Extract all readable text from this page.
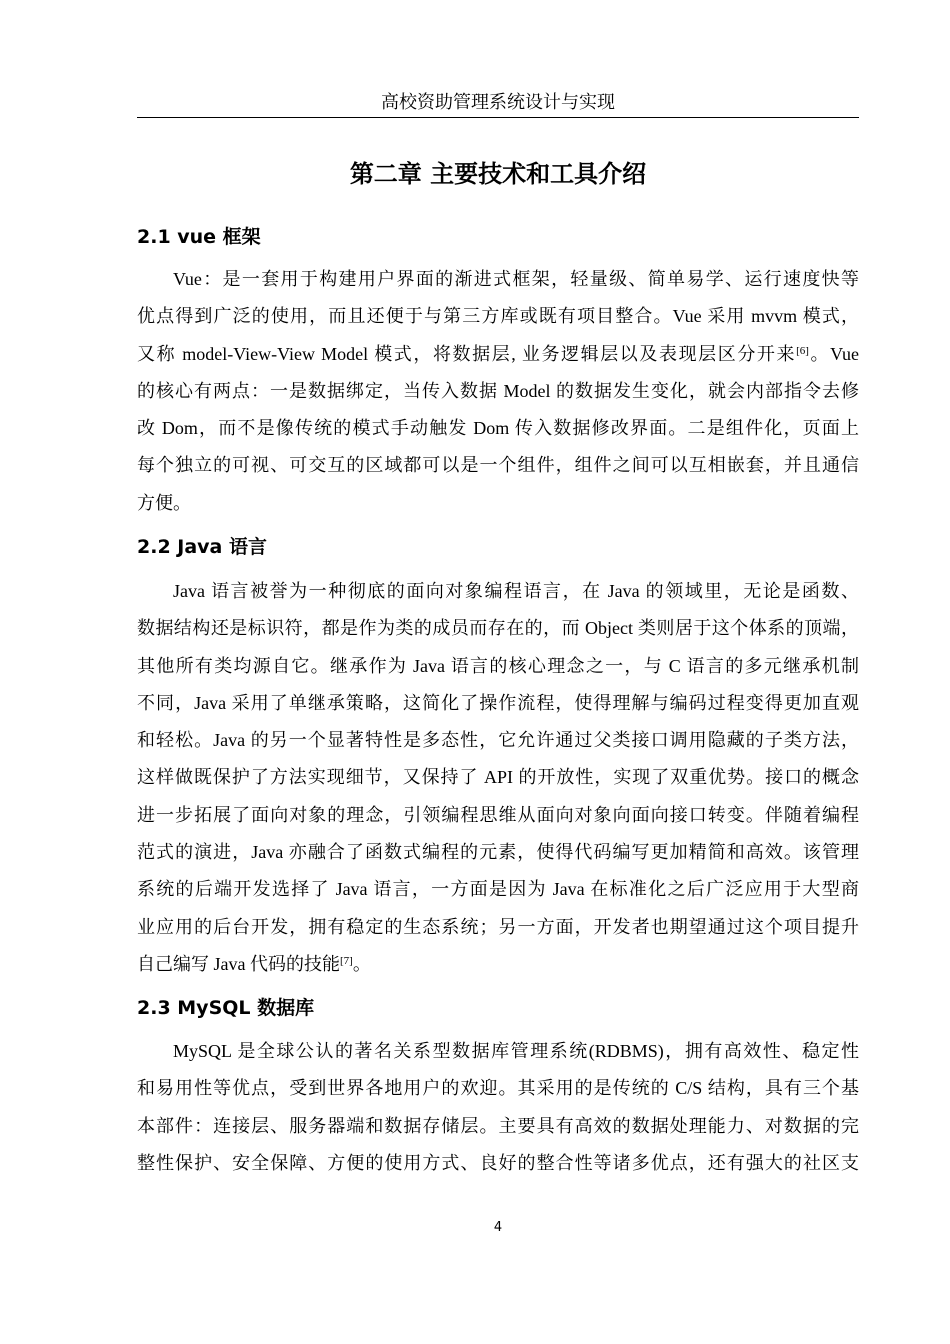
高校资助管理系统设计与实现
第二章 主要技术和工具介绍
2.1 vue 框架
Vue：是一套用于构建用户界面的渐进式框架，轻量级、简单易学、运行速度快等
优点得到广泛的使用，而且还便于与第三方库或既有项目整合。Vue 采用 mvvm 模式，
又称 model-View-View Model 模式，将数据层, 业务逻辑层以及表现层区分开来[6]。Vue
的核心有两点：一是数据绑定，当传入数据 Model 的数据发生变化，就会内部指令去修
改 Dom，而不是像传统的模式手动触发 Dom 传入数据修改界面。二是组件化，页面上
每个独立的可视、可交互的区域都可以是一个组件，组件之间可以互相嵌套，并且通信
方便。
2.2 Java 语言
Java 语言被誉为一种彻底的面向对象编程语言，在 Java 的领域里，无论是函数、
数据结构还是标识符，都是作为类的成员而存在的，而 Object 类则居于这个体系的顶端，
其他所有类均源自它。继承作为 Java 语言的核心理念之一，与 C 语言的多元继承机制
不同，Java 采用了单继承策略，这简化了操作流程，使得理解与编码过程变得更加直观
和轻松。Java 的另一个显著特性是多态性，它允许通过父类接口调用隐藏的子类方法，
这样做既保护了方法实现细节，又保持了 API 的开放性，实现了双重优势。接口的概念
进一步拓展了面向对象的理念，引领编程思维从面向对象向面向接口转变。伴随着编程
范式的演进，Java 亦融合了函数式编程的元素，使得代码编写更加精简和高效。该管理
系统的后端开发选择了 Java 语言，一方面是因为 Java 在标准化之后广泛应用于大型商
业应用的后台开发，拥有稳定的生态系统；另一方面，开发者也期望通过这个项目提升
自己编写 Java 代码的技能[7]。
2.3 MySQL 数据库
MySQL 是全球公认的著名关系型数据库管理系统(RDBMS)，拥有高效性、稳定性
和易用性等优点，受到世界各地用户的欢迎。其采用的是传统的 C/S 结构，具有三个基
本部件：连接层、服务器端和数据存储层。主要具有高效的数据处理能力、对数据的完
整性保护、安全保障、方便的使用方式、良好的整合性等诸多优点，还有强大的社区支
4
